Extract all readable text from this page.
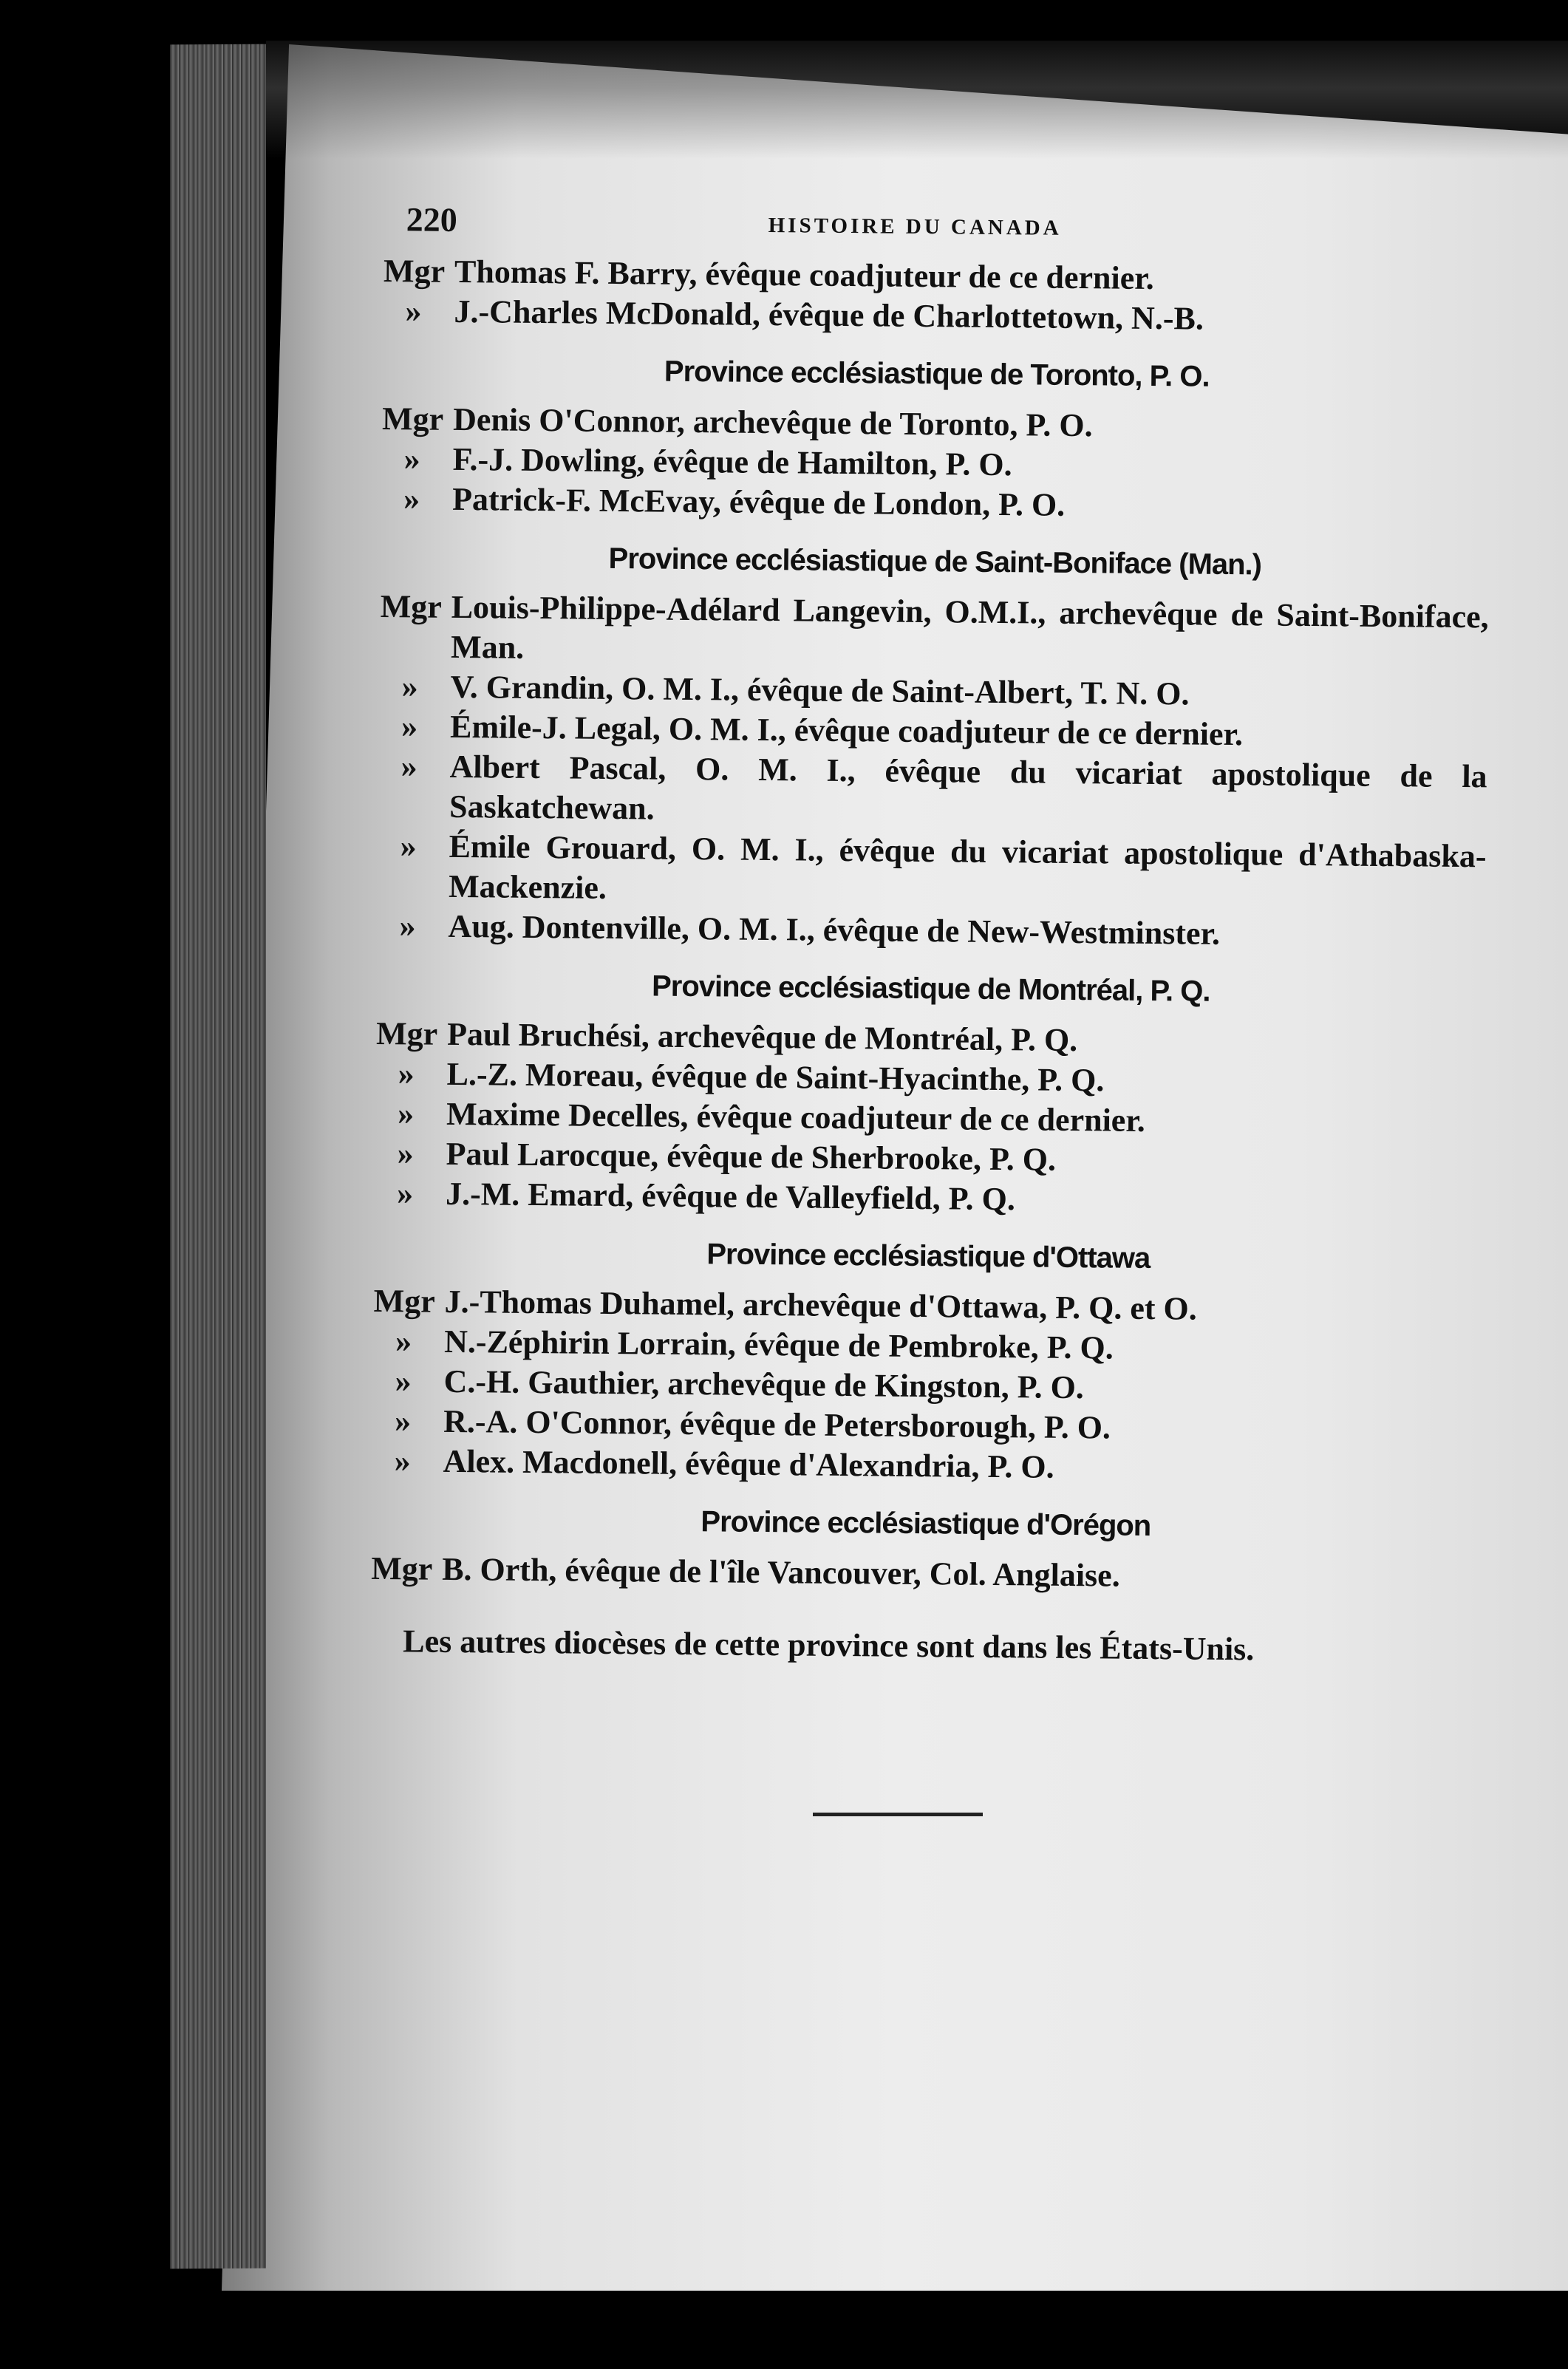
220	HISTOIRE DU CANADA
Mgr Thomas F. Barry, évêque coadjuteur de ce dernier.
» J.-Charles McDonald, évêque de Charlottetown, N.-B.
Province ecclésiastique de Toronto, P. O.
Mgr Denis O'Connor, archevêque de Toronto, P. O.
» F.-J. Dowling, évêque de Hamilton, P. O.
» Patrick-F. McEvay, évêque de London, P. O.
Province ecclésiastique de Saint-Boniface (Man.)
Mgr Louis-Philippe-Adélard Langevin, O.M.I., archevêque de Saint-Boniface, Man.
» V. Grandin, O. M. I., évêque de Saint-Albert, T. N. O.
» Émile-J. Legal, O. M. I., évêque coadjuteur de ce dernier.
» Albert Pascal, O. M. I., évêque du vicariat apostolique de la Saskatchewan.
» Émile Grouard, O. M. I., évêque du vicariat apostolique d'Athabaska-Mackenzie.
» Aug. Dontenville, O. M. I., évêque de New-Westminster.
Province ecclésiastique de Montréal, P. Q.
Mgr Paul Bruchési, archevêque de Montréal, P. Q.
» L.-Z. Moreau, évêque de Saint-Hyacinthe, P. Q.
» Maxime Decelles, évêque coadjuteur de ce dernier.
» Paul Larocque, évêque de Sherbrooke, P. Q.
» J.-M. Emard, évêque de Valleyfield, P. Q.
Province ecclésiastique d'Ottawa
Mgr J.-Thomas Duhamel, archevêque d'Ottawa, P. Q. et O.
» N.-Zéphirin Lorrain, évêque de Pembroke, P. Q.
» C.-H. Gauthier, archevêque de Kingston, P. O.
» R.-A. O'Connor, évêque de Petersborough, P. O.
» Alex. Macdonell, évêque d'Alexandria, P. O.
Province ecclésiastique d'Orégon
Mgr B. Orth, évêque de l'île Vancouver, Col. Anglaise.
Les autres diocèses de cette province sont dans les États-Unis.
